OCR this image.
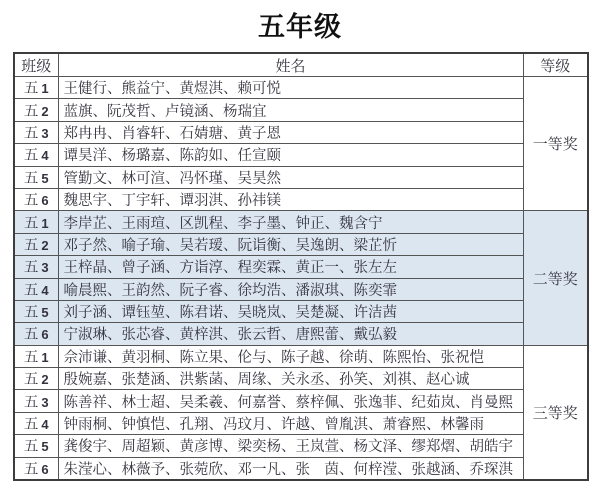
五年级
班级	姓名	等级
五 1	王健行、熊益宁、黄煜淇、赖可悦	一等奖
五 2	蓝旗、阮茂哲、卢镜涵、杨瑞宜	
五 3	郑冉冉、肖睿轩、石婧瑭、黄子恩	
五 4	谭昊洋、杨璐嘉、陈韵如、任宣颐	
五 5	管勤文、林可渲、冯怀瑾、吴昊然	
五 6	魏思宇、丁宇轩、谭羽淇、孙祎镁	
五 1	李岸芷、王雨瑄、区凯程、李子墨、钟正、魏含宁	二等奖
五 2	邓子然、喻子瑜、吴若瑷、阮诣衡、吴逸朗、梁芷忻	
五 3	王梓晶、曾子涵、方诣淳、程奕霖、黄正一、张左左	
五 4	喻晨熙、王韵然、阮子睿、徐均浩、潘淑琪、陈奕霏	
五 5	刘子涵、谭钰堃、陈君诺、吴晓岚、吴楚凝、许洁茜	
五 6	宁淑琳、张芯睿、黄梓淇、张云哲、唐熙蕾、戴弘毅	
五 1	佘沛谦、黄羽桐、陈立果、伦与、陈子越、徐萌、陈熙怡、张祝恺	三等奖
五 2	殷婉嘉、张楚涵、洪紫菡、周缘、关永丞、孙笑、刘祺、赵心诚	
五 3	陈善祥、林士超、吴柔羲、何嘉誉、蔡梓佩、张逸菲、纪茹岚、肖曼熙	
五 4	钟雨桐、钟慎恺、孔翔、冯玟月、许越、曾胤淇、萧睿熙、林馨雨	
五 5	龚俊宇、周超颖、黄彦博、梁奕杨、王岚萱、杨文泽、缪郑熠、胡皓宇	
五 6	朱滢心、林薇予、张菀欣、邓一凡、张　茵、何梓滢、张越涵、乔琛淇	
